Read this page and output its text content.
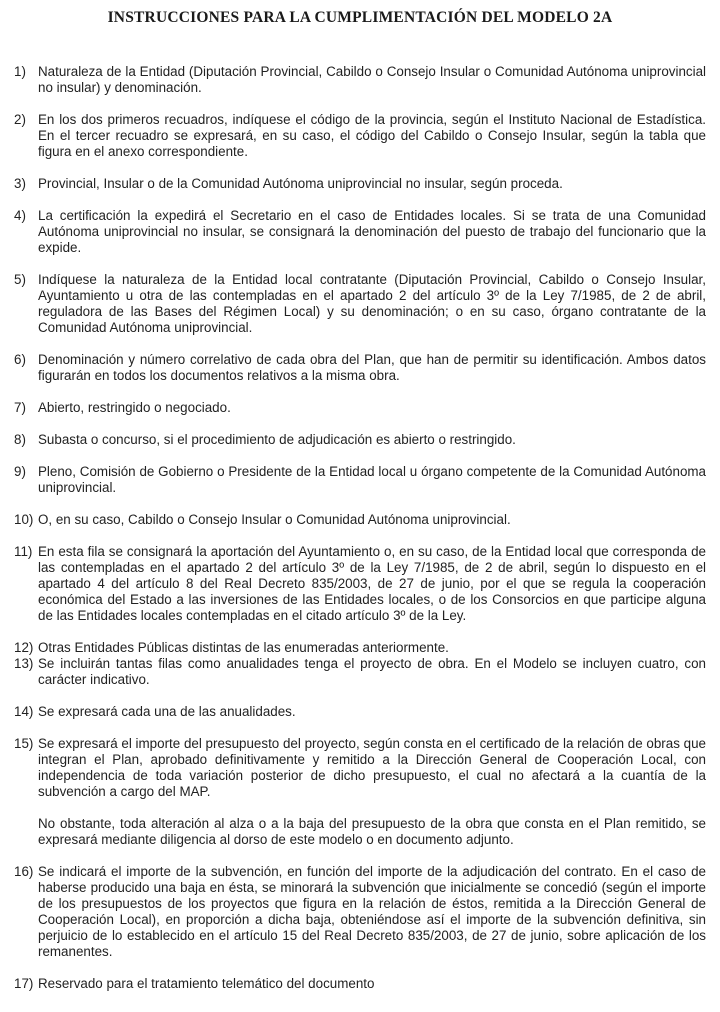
INSTRUCCIONES PARA LA CUMPLIMENTACIÓN DEL MODELO 2A
1) Naturaleza de la Entidad (Diputación Provincial, Cabildo o Consejo Insular o Comunidad Autónoma uniprovincial no insular) y denominación.
2) En los dos primeros recuadros, indíquese el código de la provincia, según el Instituto Nacional de Estadística. En el tercer recuadro se expresará, en su caso, el código del Cabildo o Consejo Insular, según la tabla que figura en el anexo correspondiente.
3) Provincial, Insular o de la Comunidad Autónoma uniprovincial no insular, según proceda.
4) La certificación la expedirá el Secretario en el caso de Entidades locales. Si se trata de una Comunidad Autónoma uniprovincial no insular, se consignará la denominación del puesto de trabajo del funcionario que la expide.
5) Indíquese la naturaleza de la Entidad local contratante (Diputación Provincial, Cabildo o Consejo Insular, Ayuntamiento u otra de las contempladas en el apartado 2 del artículo 3º de la Ley 7/1985, de 2 de abril, reguladora de las Bases del Régimen Local) y su denominación; o en su caso, órgano contratante de la Comunidad Autónoma uniprovincial.
6) Denominación y número correlativo de cada obra del Plan, que han de permitir su identificación. Ambos datos figurarán en todos los documentos relativos a la misma obra.
7) Abierto, restringido o negociado.
8) Subasta o concurso, si el procedimiento de adjudicación es abierto o restringido.
9) Pleno, Comisión de Gobierno o Presidente de la Entidad local u órgano competente de la Comunidad Autónoma uniprovincial.
10) O, en su caso, Cabildo o Consejo Insular o Comunidad Autónoma uniprovincial.
11) En esta fila se consignará la aportación del Ayuntamiento o, en su caso, de la Entidad local que corresponda de las contempladas en el apartado 2 del artículo 3º de la Ley 7/1985, de 2 de abril, según lo dispuesto en el apartado 4 del artículo 8 del Real Decreto 835/2003, de 27 de junio, por el que se regula la cooperación económica del Estado a las inversiones de las Entidades locales, o de los Consorcios en que participe alguna de las Entidades locales contempladas en el citado artículo 3º de la Ley.
12) Otras Entidades Públicas distintas de las enumeradas anteriormente.
13) Se incluirán tantas filas como anualidades tenga el proyecto de obra. En el Modelo se incluyen cuatro, con carácter indicativo.
14) Se expresará cada una de las anualidades.
15) Se expresará el importe del presupuesto del proyecto, según consta en el certificado de la relación de obras que integran el Plan, aprobado definitivamente y remitido a la Dirección General de Cooperación Local, con independencia de toda variación posterior de dicho presupuesto, el cual no afectará a la cuantía de la subvención a cargo del MAP.

No obstante, toda alteración al alza o a la baja del presupuesto de la obra que consta en el Plan remitido, se expresará mediante diligencia al dorso de este modelo o en documento adjunto.

16) Se indicará el importe de la subvención, en función del importe de la adjudicación del contrato. En el caso de haberse producido una baja en ésta, se minorará la subvención que inicialmente se concedió (según el importe de los presupuestos de los proyectos que figura en la relación de éstos, remitida a la Dirección General de Cooperación Local), en proporción a dicha baja, obteniéndose así el importe de la subvención definitiva, sin perjuicio de lo establecido en el artículo 15 del Real Decreto 835/2003, de 27 de junio, sobre aplicación de los remanentes.
17) Reservado para el tratamiento telemático del documento
